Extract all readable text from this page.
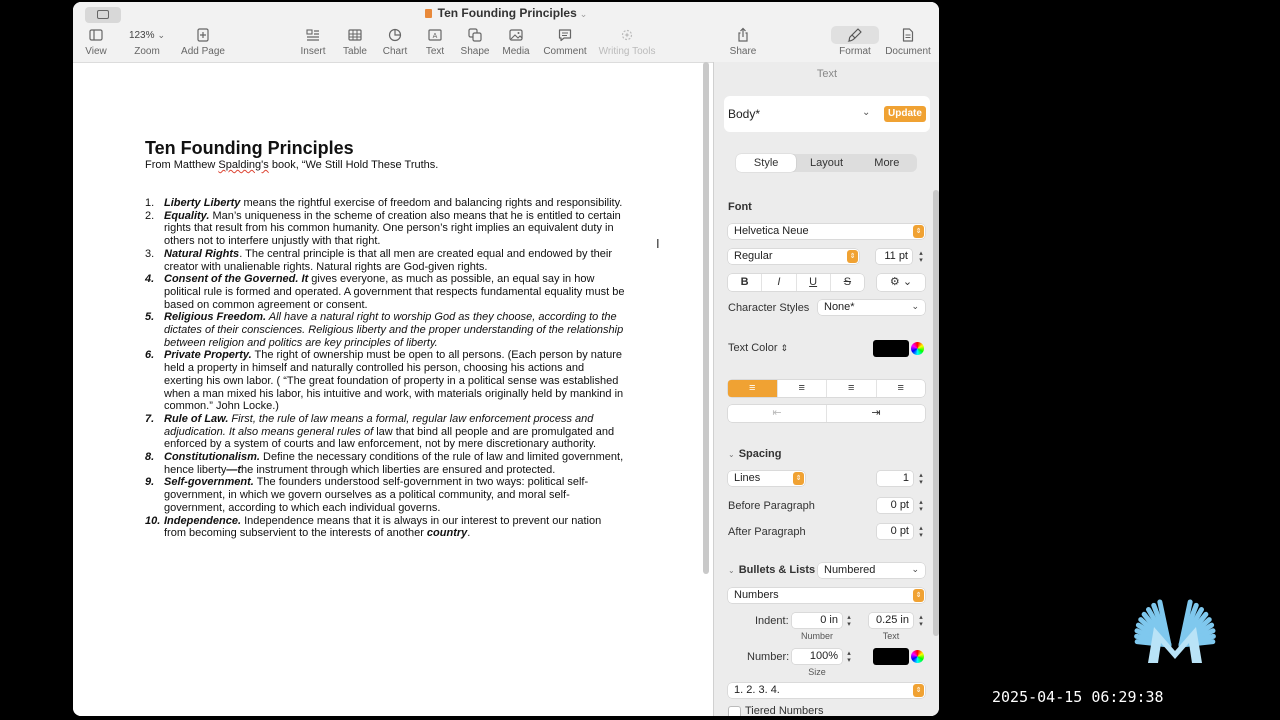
Ten Founding Principles ⌄
View
123% ⌄
Zoom	Add Page	Insert	Table	Chart
A
Text	Shape	Media	Comment	Writing Tools	Share	Format	Document
Ten Founding Principles
From Matthew Spalding's book, “We Still Hold These Truths.
1. Liberty Liberty means the rightful exercise of freedom and balancing rights and responsibility.
2. Equality. Man’s uniqueness in the scheme of creation also means that he is entitled to certain rights that result from his common humanity. One person’s right implies an equivalent duty in others not to interfere unjustly with that right.
3. Natural Rights. The central principle is that all men are created equal and endowed by their creator with unalienable rights. Natural rights are God-given rights.
4. Consent of the Governed. It gives everyone, as much as possible, an equal say in how political rule is formed and operated. A government that respects fundamental equality must be based on common agreement or consent.
5. Religious Freedom. All have a natural right to worship God as they choose, according to the dictates of their consciences. Religious liberty and the proper understanding of the relationship between religion and politics are key principles of liberty.
6. Private Property. The right of ownership must be open to all persons. (Each person by nature held a property in himself and naturally controlled his person, choosing his actions and exerting his own labor. ( “The great foundation of property in a political sense was established when a man mixed his labor, his intuitive and work, with materials originally held by mankind in common.” John Locke.)
7. Rule of Law. First, the rule of law means a formal, regular law enforcement process and adjudication. It also means general rules of law that bind all people and are promulgated and enforced by a system of courts and law enforcement, not by mere discretionary authority.
8. Constitutionalism. Define the necessary conditions of the rule of law and limited government, hence liberty—the instrument through which liberties are ensured and protected.
9. Self-government. The founders understood self-government in two ways: political self-government, in which we govern ourselves as a political community, and moral self-government, according to which each individual governs.
10. Independence. Independence means that it is always in our interest to prevent our nation from becoming subservient to the interests of another country.
I
Text
Body*	⌄	Update
Style	Layout	More
Font
Helvetica Neue	⇕
Regular	⇕	11 pt	▴
▾
B	I	U	S	⚙ ⌄
Character Styles None*	⌄
Text Color ⇕
≡	≡	≡	≡
⇤	⇥
⌄ Spacing
Lines	⇕	1	▴
▾
Before Paragraph	0 pt	▴
▾
After Paragraph	0 pt	▴
▾
⌄ Bullets & Lists Numbered	⌄
Numbers	⇕
Indent:	0 in	▴
▾	0.25 in	▴
▾
Number	Text
Number:	100%	▴
▾
Size
1. 2. 3. 4.	⇕
Tiered Numbers
2025-04-15 06:29:38
